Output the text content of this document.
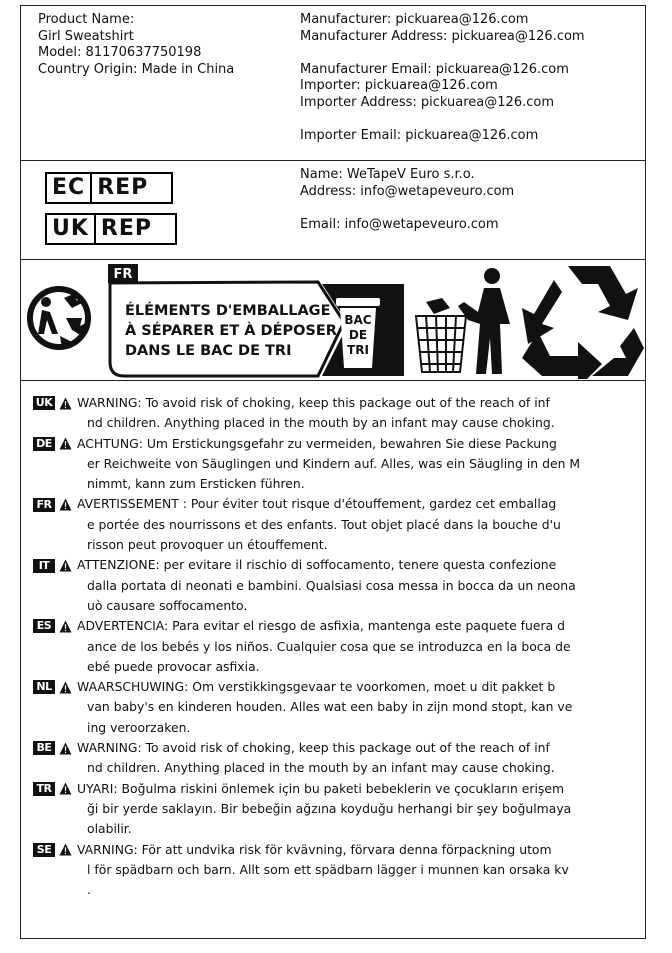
Product Name:
Girl Sweatshirt
Model: 81170637750198
Country Origin: Made in China
Manufacturer: pickuarea@126.com
Manufacturer Address: pickuarea@126.com
Manufacturer Email: pickuarea@126.com
Importer: pickuarea@126.com
Importer Address: pickuarea@126.com
Importer Email: pickuarea@126.com
EC REP
UK REP
Name: WeTapeV Euro s.r.o.
Address: info@wetapeveuro.com
Email: info@wetapeveuro.com
FR
ÉLÉMENTS D'EMBALLAGE
À SÉPARER ET À DÉPOSER
DANS LE BAC DE TRI
BAC
DE
TRI
UK WARNING: To avoid risk of choking, keep this package out of the reach of inf
nd children. Anything placed in the mouth by an infant may cause choking.
DE ACHTUNG: Um Erstickungsgefahr zu vermeiden, bewahren Sie diese Packung
er Reichweite von Säuglingen und Kindern auf. Alles, was ein Säugling in den M
nimmt, kann zum Ersticken führen.
FR AVERTISSEMENT : Pour éviter tout risque d'étouffement, gardez cet emballag
e portée des nourrissons et des enfants. Tout objet placé dans la bouche d'u
risson peut provoquer un étouffement.
IT	ATTENZIONE: per evitare il rischio di soffocamento, tenere questa confezione
dalla portata di neonati e bambini. Qualsiasi cosa messa in bocca da un neona
uò causare soffocamento.
ES	ADVERTENCIA: Para evitar el riesgo de asfixia, mantenga este paquete fuera d
ance de los bebés y los niños. Cualquier cosa que se introduzca en la boca de
ebé puede provocar asfixia.
NL WAARSCHUWING: Om verstikkingsgevaar te voorkomen, moet u dit pakket b
van baby's en kinderen houden. Alles wat een baby in zijn mond stopt, kan ve
ing veroorzaken.
BE WARNING: To avoid risk of choking, keep this package out of the reach of inf
nd children. Anything placed in the mouth by an infant may cause choking.
TR UYARI: Boğulma riskini önlemek için bu paketi bebeklerin ve çocukların erişem
ği bir yerde saklayın. Bir bebeğin ağzına koyduğu herhangi bir şey boğulmaya
olabilir.
SE	VARNING: För att undvika risk för kvävning, förvara denna förpackning utom
l för spädbarn och barn. Allt som ett spädbarn lägger i munnen kan orsaka kv
.
